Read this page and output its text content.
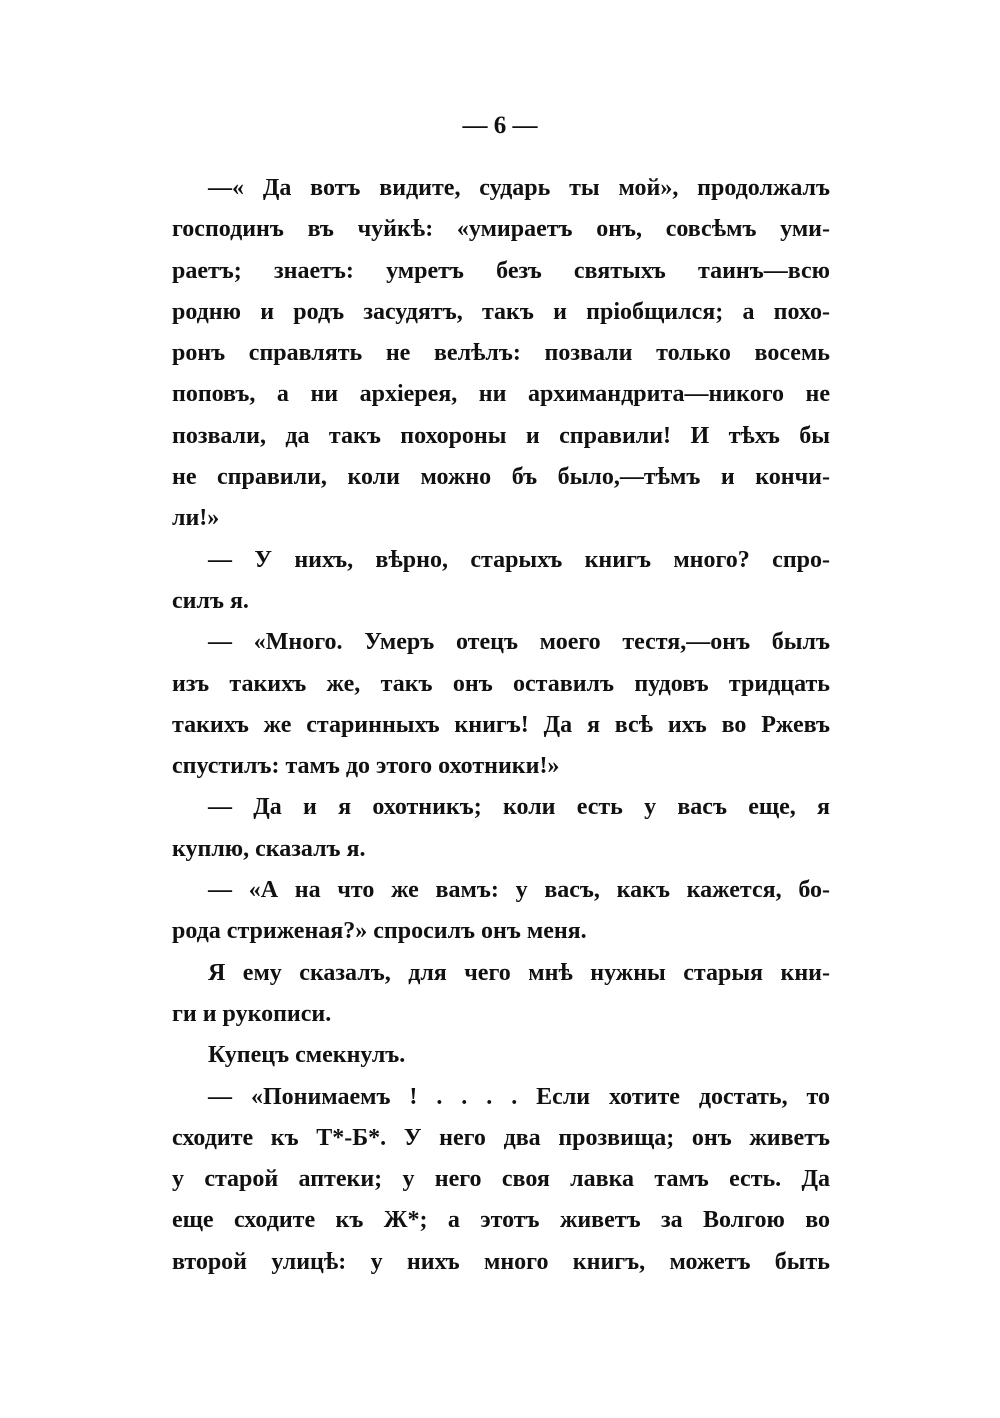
— 6 —
—« Да вотъ видите, сударь ты мой», продолжалъ
господинъ въ чуйкѣ: «умираетъ онъ, совсѣмъ уми-
раетъ; знаетъ: умретъ безъ святыхъ таинъ—всю
родню и родъ засудятъ, такъ и пріобщился; а похо-
ронъ справлять не велѣлъ: позвали только восемь
поповъ, а ни архіерея, ни архимандрита—никого не
позвали, да такъ похороны и справили! И тѣхъ бы
не справили, коли можно бъ было,—тѣмъ и кончи-
ли!»
— У нихъ, вѣрно, старыхъ книгъ много? спро-
силъ я.
— «Много. Умеръ отецъ моего тестя,—онъ былъ
изъ такихъ же, такъ онъ оставилъ пудовъ тридцать
такихъ же старинныхъ книгъ! Да я всѣ ихъ во Ржевъ
спустилъ: тамъ до этого охотники!»
— Да и я охотникъ; коли есть у васъ еще, я
куплю, сказалъ я.
— «А на что же вамъ: у васъ, какъ кажется, бо-
рода стриженая?» спросилъ онъ меня.
Я ему сказалъ, для чего мнѣ нужны старыя кни-
ги и рукописи.
Купецъ смекнулъ.
— «Понимаемъ ! . . . . Если хотите достать, то
сходите къ Т*-Б*. У него два прозвища; онъ живетъ
у старой аптеки; у него своя лавка тамъ есть. Да
еще сходите къ Ж*; а этотъ живетъ за Волгою во
второй улицѣ: у нихъ много книгъ, можетъ быть
